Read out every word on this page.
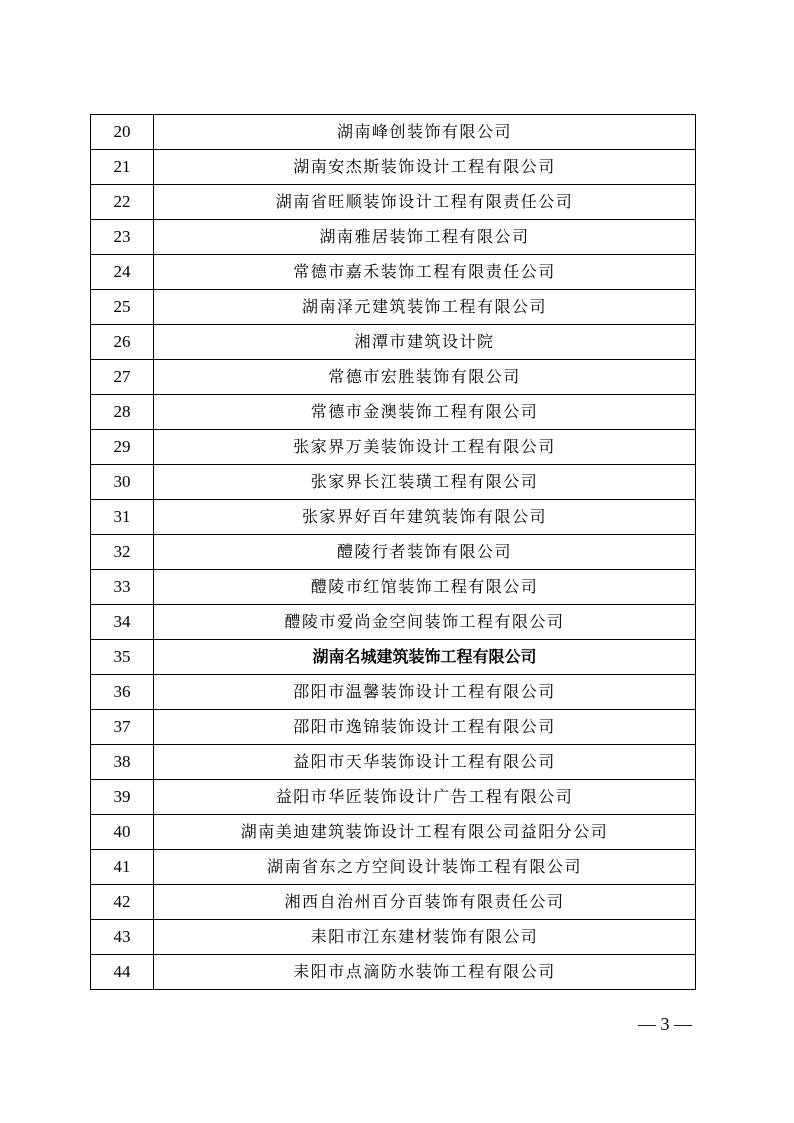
20	湖南峰创装饰有限公司
21	湖南安杰斯装饰设计工程有限公司
22	湖南省旺顺装饰设计工程有限责任公司
23	湖南雅居装饰工程有限公司
24	常德市嘉禾装饰工程有限责任公司
25	湖南泽元建筑装饰工程有限公司
26	湘潭市建筑设计院
27	常德市宏胜装饰有限公司
28	常德市金澳装饰工程有限公司
29	张家界万美装饰设计工程有限公司
30	张家界长江装璜工程有限公司
31	张家界好百年建筑装饰有限公司
32	醴陵行者装饰有限公司
33	醴陵市红馆装饰工程有限公司
34	醴陵市爱尚金空间装饰工程有限公司
35	湖南名城建筑装饰工程有限公司
36	邵阳市温馨装饰设计工程有限公司
37	邵阳市逸锦装饰设计工程有限公司
38	益阳市天华装饰设计工程有限公司
39	益阳市华匠装饰设计广告工程有限公司
40	湖南美迪建筑装饰设计工程有限公司益阳分公司
41	湖南省东之方空间设计装饰工程有限公司
42	湘西自治州百分百装饰有限责任公司
43	耒阳市江东建材装饰有限公司
44	耒阳市点滴防水装饰工程有限公司
— 3 —
